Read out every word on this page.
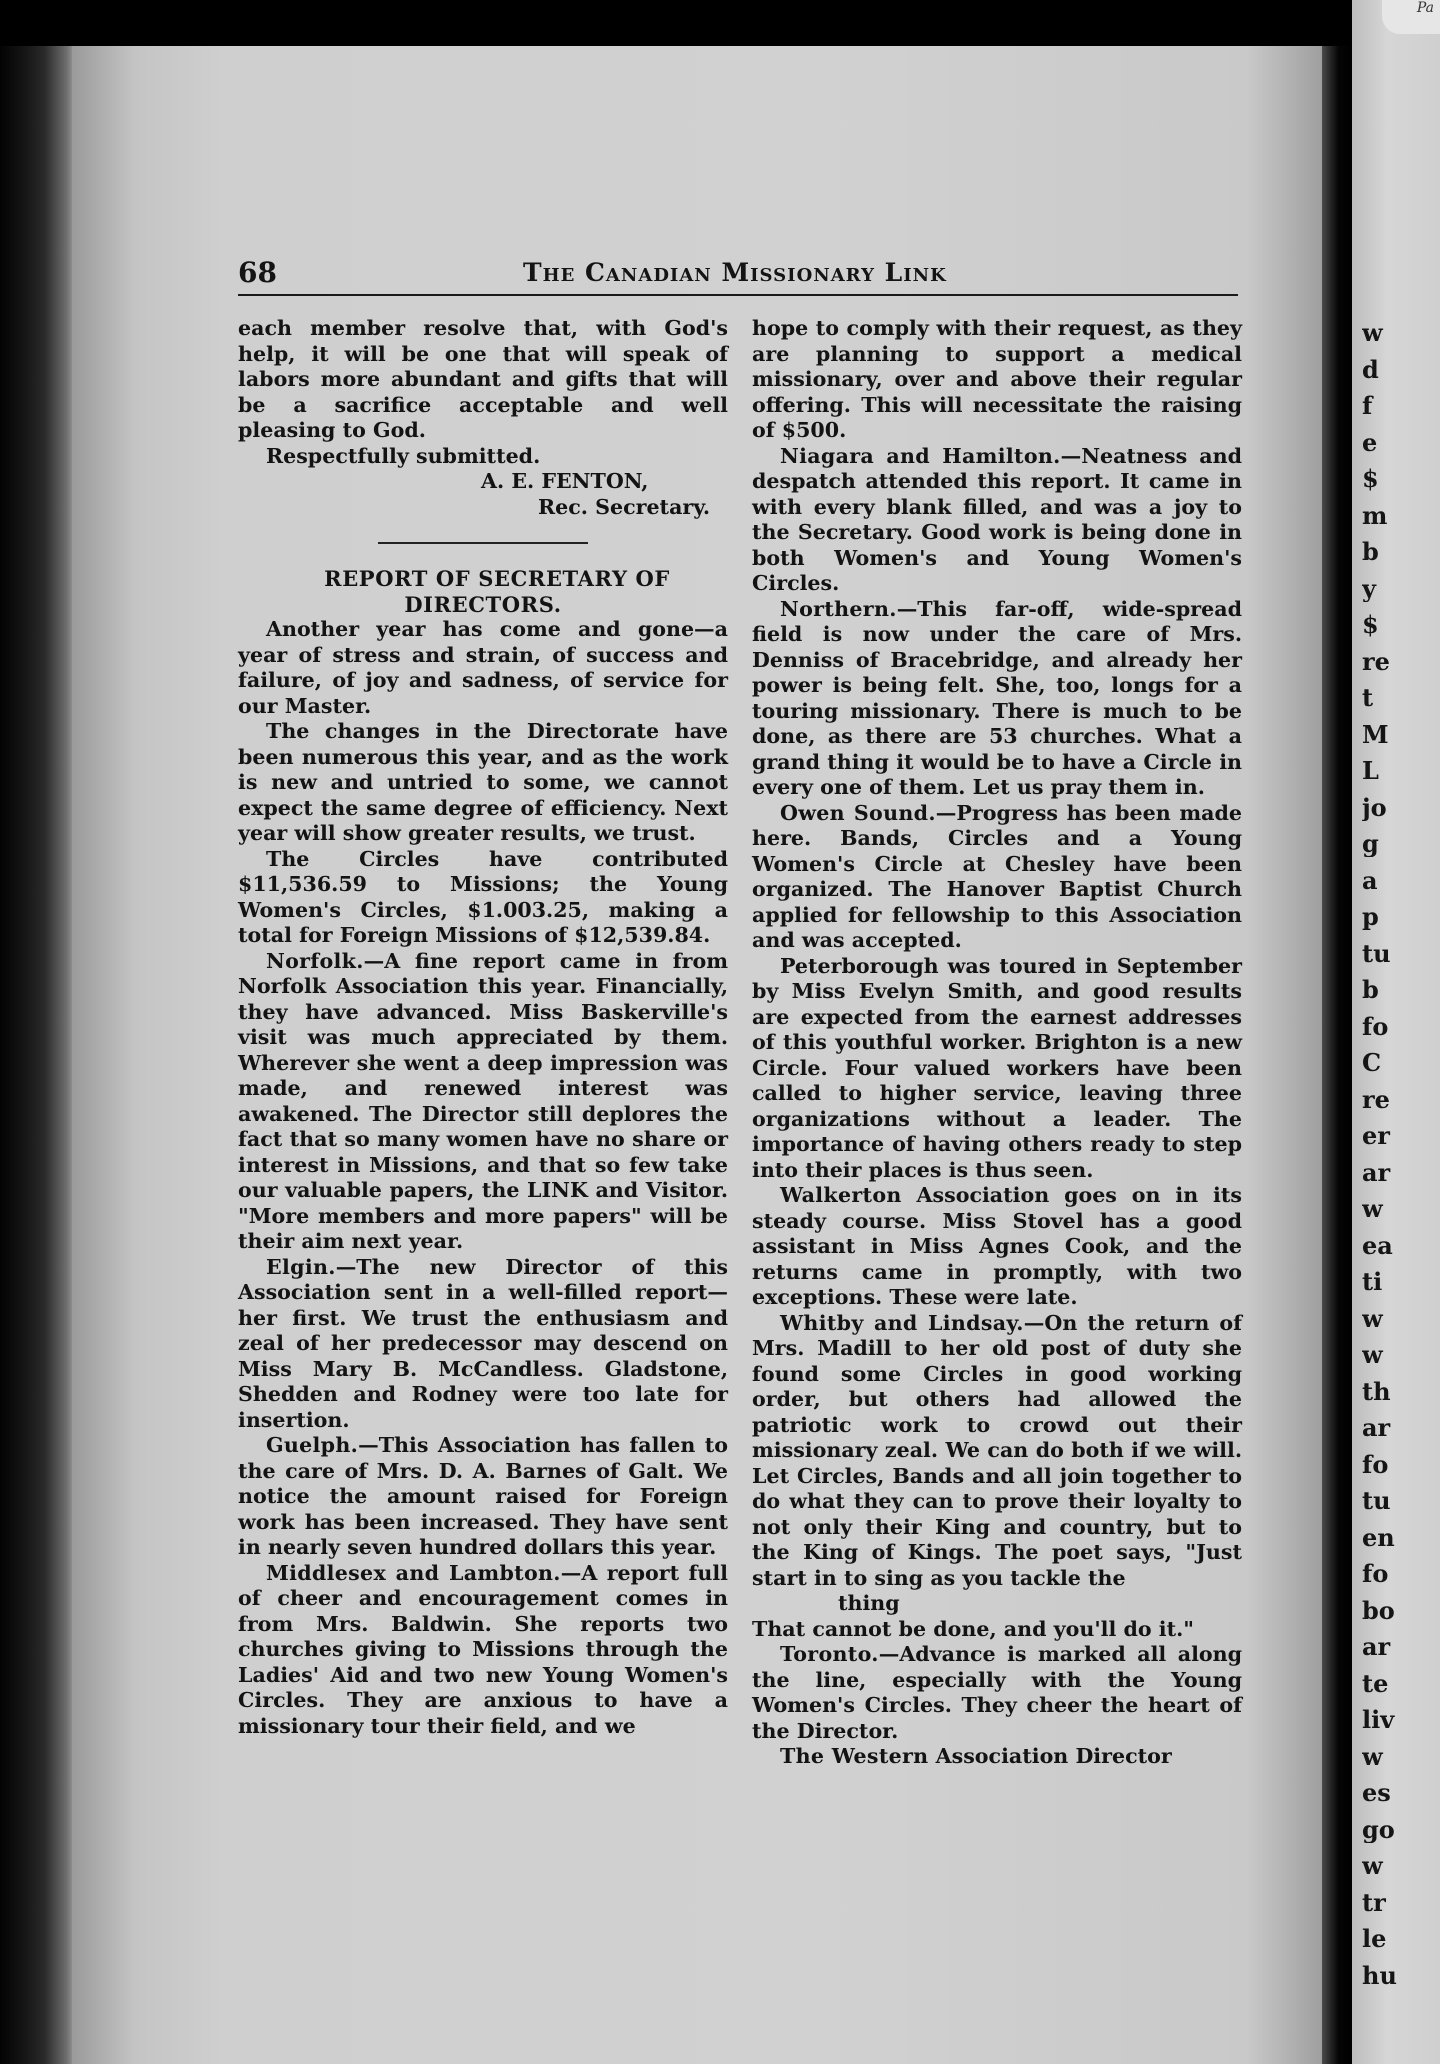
Pa
68	The Canadian Missionary Link

each member resolve that, with God's help, it will be one that will speak of labors more abundant and gifts that will be a sacrifice acceptable and well pleasing to God.

Respectfully submitted.

A. E. FENTON,

Rec. Secretary.

REPORT OF SECRETARY OF DIRECTORS.

Another year has come and gone—a year of stress and strain, of success and failure, of joy and sadness, of service for our Master.

The changes in the Directorate have been numerous this year, and as the work is new and untried to some, we cannot expect the same degree of efficiency. Next year will show greater results, we trust.

The Circles have contributed $11,536.59 to Missions; the Young Women's Circles, $1.003.25, making a total for Foreign Missions of $12,539.84.

Norfolk.—A fine report came in from Norfolk Association this year. Financially, they have advanced. Miss Baskerville's visit was much appreciated by them. Wherever she went a deep impression was made, and renewed interest was awakened. The Director still deplores the fact that so many women have no share or interest in Missions, and that so few take our valuable papers, the LINK and Visitor. "More members and more papers" will be their aim next year.

Elgin.—The new Director of this Association sent in a well-filled report—her first. We trust the enthusiasm and zeal of her predecessor may descend on Miss Mary B. McCandless. Gladstone, Shedden and Rodney were too late for insertion.

Guelph.—This Association has fallen to the care of Mrs. D. A. Barnes of Galt. We notice the amount raised for Foreign work has been increased. They have sent in nearly seven hundred dollars this year.

Middlesex and Lambton.—A report full of cheer and encouragement comes in from Mrs. Baldwin. She reports two churches giving to Missions through the Ladies' Aid and two new Young Women's Circles. They are anxious to have a missionary tour their field, and we

hope to comply with their request, as they are planning to support a medical missionary, over and above their regular offering. This will necessitate the raising of $500.

Niagara and Hamilton.—Neatness and despatch attended this report. It came in with every blank filled, and was a joy to the Secretary. Good work is being done in both Women's and Young Women's Circles.

Northern.—This far-off, wide-spread field is now under the care of Mrs. Denniss of Bracebridge, and already her power is being felt. She, too, longs for a touring missionary. There is much to be done, as there are 53 churches. What a grand thing it would be to have a Circle in every one of them. Let us pray them in.

Owen Sound.—Progress has been made here. Bands, Circles and a Young Women's Circle at Chesley have been organized. The Hanover Baptist Church applied for fellowship to this Association and was accepted.

Peterborough was toured in September by Miss Evelyn Smith, and good results are expected from the earnest addresses of this youthful worker. Brighton is a new Circle. Four valued workers have been called to higher service, leaving three organizations without a leader. The importance of having others ready to step into their places is thus seen.

Walkerton Association goes on in its steady course. Miss Stovel has a good assistant in Miss Agnes Cook, and the returns came in promptly, with two exceptions. These were late.

Whitby and Lindsay.—On the return of Mrs. Madill to her old post of duty she found some Circles in good working order, but others had allowed the patriotic work to crowd out their missionary zeal. We can do both if we will. Let Circles, Bands and all join together to do what they can to prove their loyalty to not only their King and country, but to the King of Kings. The poet says, "Just start in to sing as you tackle the

thing

That cannot be done, and you'll do it."

Toronto.—Advance is marked all along the line, especially with the Young Women's Circles. They cheer the heart of the Director.

The Western Association Director

w
d
f
e
$
m
b
y
$
re
t
M
L
jo
g
a
p
tu
b
fo
C
re
er
ar
w
ea
ti
w
w
th
ar
fo
tu
en
fo
bo
ar
te
liv
w
es
go
w
tr
le
hu
